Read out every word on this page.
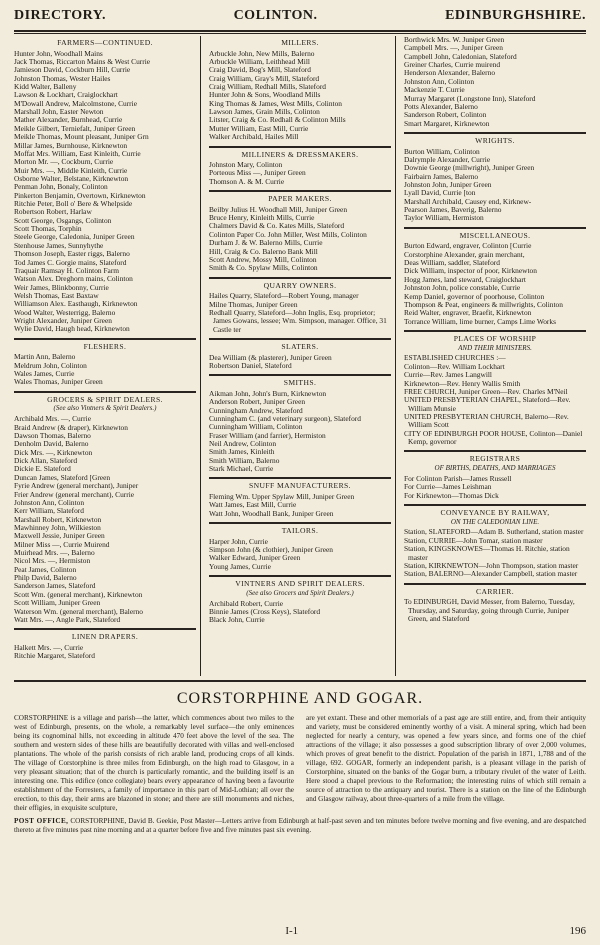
DIRECTORY.	COLINTON.	EDINBURGHSHIRE.
FARMERS—CONTINUED.
Hunter John, Woodhall Mains
Jack Thomas, Riccarton Mains & West Currie
Jamieson David, Cockburn Hill, Currie
Johnston Thomas, Wester Hailes
Kidd Walter, Balleny
Lawson & Lockhart, Craiglockhart
M'Dowall Andrew, Malcolmstone, Currie
Marshall John, Easter Newton
Mather Alexander, Burnhead, Currie
Meikle Gilbert, Terniefalt, Juniper Green
Meikle Thomas, Mount pleasant, Juniper Grn
Millar James, Burnhouse, Kirknewton
Moffat Mrs. William, East Kinleith, Currie
Morton Mr. —, Cockburn, Currie
Muir Mrs. —, Middle Kinleith, Currie
Osborne Walter, Belstane, Kirknewton
Penman John, Bonaly, Colinton
Pinkerton Benjamin, Overtown, Kirknewton
Ritchie Peter, Boll o' Bere & Whelpside
Robertson Robert, Harlaw
Scott George, Osgangs, Colinton
Scott Thomas, Torphin
Steele George, Caledonia, Juniper Green
Stenhouse James, Sunnyhythe
Thomson Joseph, Easter riggs, Balerno
Tod James C. Gorgie mains, Slateford
Traquair Ramsay H. Colinton Farm
Watson Alex. Dreghorn mains, Colinton
Weir James, Blinkbonny, Currie
Welsh Thomas, East Baxtaw
Williamson Alex. Easthaugh, Kirknewton
Wood Walter, Westerrigg, Balerno
Wright Alexander, Juniper Green
Wylie David, Haugh head, Kirknewton
FLESHERS.
Martin Ann, Balerno
Meldrum John, Colinton
Wales James, Currie
Wales Thomas, Juniper Green
GROCERS & SPIRIT DEALERS.
(See also Vintners & Spirit Dealers.)
Archibald Mrs. —, Currie
Braid Andrew (& draper), Kirknewton
Dawson Thomas, Balerno
Denholm David, Balerno
Dick Mrs. —, Kirknewton
Dick Allan, Slateford
Dickie E. Slateford
Duncan James, Slateford [Green
Fyrie Andrew (general merchant), Juniper
Frier Andrew (general merchant), Currie
Johnston Ann, Colinton
Kerr William, Slateford
Marshall Robert, Kirknewton
Mawhinney John, Wilkieston
Maxwell Jessie, Juniper Green
Milner Miss —, Currie Muirend
Muirhead Mrs. —, Balerno
Nicol Mrs. —, Hermiston
Peat James, Colinton
Philp David, Balerno
Sanderson James, Slateford
Scott Wm. (general merchant), Kirknewton
Scott William, Juniper Green
Waterson Wm. (general merchant), Balerno
Watt Mrs. —, Angle Park, Slateford
LINEN DRAPERS.
Halkett Mrs. —, Currie
Ritchie Margaret, Slateford
MILLERS.
Arbuckle John, New Mills, Balerno
Arbuckle William, Leithhead Mill
Craig David, Bog's Mill, Slateford
Craig William, Gray's Mill, Slateford
Craig William, Redhall Mills, Slateford
Hunter John & Sons, Woodland Mills
King Thomas & James, West Mills, Colinton
Lawson James, Grain Mills, Colinton
Litster, Craig & Co. Redhall & Colinton Mills
Mutter William, East Mill, Currie
Walker Archibald, Hailes Mill
MILLINERS & DRESSMAKERS.
Johnston Mary, Colinton
Porteous Miss —, Juniper Green
Thomson A. & M. Currie
PAPER MAKERS.
Beilby Julius H. Woodhall Mill, Juniper Green
Bruce Henry, Kinleith Mills, Currie
Chalmers David & Co. Kates Mills, Slateford
Colinton Paper Co. John Miller, West Mills, Colinton
Durham J. & W. Balerno Mills, Currie
Hill, Craig & Co. Balerno Bank Mill
Scott Andrew, Mossy Mill, Colinton
Smith & Co. Spylaw Mills, Colinton
QUARRY OWNERS.
Hailes Quarry, Slateford—Robert Young, manager
Milne Thomas, Juniper Green
Redhall Quarry, Slateford—John Inglis, Esq. proprietor; James Gowans, lessee; Wm. Simpson, manager. Office, 31 Castle ter
SLATERS.
Dea William (& plasterer), Juniper Green
Robertson Daniel, Slateford
SMITHS.
Aikman John, John's Burn, Kirknewton
Anderson Robert, Juniper Green
Cunningham Andrew, Slateford
Cunningham C. (and veterinary surgeon), Slateford
Cunningham William, Colinton
Fraser William (and farrier), Hermiston
Neil Andrew, Colinton
Smith James, Kinleith
Smith William, Balerno
Stark Michael, Currie
SNUFF MANUFACTURERS.
Fleming Wm. Upper Spylaw Mill, Juniper Green
Watt James, East Mill, Currie
Watt John, Woodhall Bank, Juniper Green
TAILORS.
Harper John, Currie
Simpson John (& clothier), Juniper Green
Walker Edward, Juniper Green
Young James, Currie
VINTNERS AND SPIRIT DEALERS.
(See also Grocers and Spirit Dealers.)
Archibald Robert, Currie
Binnie James (Cross Keys), Slateford
Black John, Currie
Borthwick Mrs. W. Juniper Green
Campbell Mrs. —, Juniper Green
Campbell John, Caledonian, Slateford
Greiner Charles, Currie muirend
Henderson Alexander, Balerno
Johnston Ann, Colinton
Mackenzie T. Currie
Murray Margaret (Longstone Inn), Slateford
Potts Alexander, Balerno
Sanderson Robert, Colinton
Smart Margaret, Kirknewton
WRIGHTS.
Burton William, Colinton
Dalrymple Alexander, Currie
Downie George (millwright), Juniper Green
Fairbairn James, Balerno
Johnston John, Juniper Green
Lyall David, Currie [ton
Marshall Archibald, Causey end, Kirknew-
Pearson James, Baverig, Balerno
Taylor William, Hermiston
MISCELLANEOUS.
Burton Edward, engraver, Colinton [Currie
Corstorphine Alexander, grain merchant,
Deas William, saddler, Slateford
Dick William, inspector of poor, Kirknewton
Hogg James, land steward, Craiglockhart
Johnston John, police constable, Currie
Kemp Daniel, governor of poorhouse, Colinton
Thompson & Peat, engineers & millwrights, Colinton
Reid Walter, engraver, Braefit, Kirknewton
Torrance William, lime burner, Camps Lime Works
PLACES OF WORSHIP
AND THEIR MINISTERS.
ESTABLISHED CHURCHES :—
Colinton—Rev. William Lockhart
Currie—Rev. James Langwill
Kirknewton—Rev. Henry Wallis Smith
FREE CHURCH, Juniper Green—Rev. Charles M'Neil
UNITED PRESBYTERIAN CHAPEL, Slateford—Rev. William Munsie
UNITED PRESBYTERIAN CHURCH, Balerno—Rev. William Scott
CITY OF EDINBURGH POOR HOUSE, Colinton—Daniel Kemp, governor
REGISTRARS
OF BIRTHS, DEATHS, AND MARRIAGES
For Colinton Parish—James Russell
For Currie—James Leishman
For Kirknewton—Thomas Dick
CONVEYANCE BY RAILWAY,
ON THE CALEDONIAN LINE.
Station, SLATEFORD—Adam B. Sutherland, station master
Station, CURRIE—John Tomar, station master
Station, KINGSKNOWES—Thomas H. Ritchie, station master
Station, KIRKNEWTON—John Thompson, station master
Station, BALERNO—Alexander Campbell, station master
CARRIER.
To EDINBURGH, David Messer, from Balerno, Tuesday, Thursday, and Saturday, going through Currie, Juniper Green, and Slateford
CORSTORPHINE AND GOGAR.
CORSTORPHINE is a village and parish—the latter, which commences about two miles to the west of Edinburgh, presents, on the whole, a remarkably level surface—the only eminences being its cognominal hills, not exceeding in altitude 470 feet above the level of the sea. The southern and western sides of these hills are beautifully decorated with villas and well-enclosed plantations. The whole of the parish consists of rich arable land, producing crops of all kinds. The village of Corstorphine is three miles from Edinburgh, on the high road to Glasgow, in a very pleasant situation; that of the church is particularly romantic, and the building itself is an interesting one. This edifice (once collegiate) bears every appearance of having been a favourite establishment of the Forresters, a family of importance in this part of Mid-Lothian; all over the erection, to this day, their arms are blazoned in stone; and there are still monuments and niches, their effigies, in exquisite sculpture,
are yet extant. These and other memorials of a past age are still entire, and, from their antiquity and variety, must be considered eminently worthy of a visit. A mineral spring, which had been neglected for nearly a century, was opened a few years since, and forms one of the chief attractions of the village; it also possesses a good subscription library of over 2,000 volumes, which proves of great benefit to the district. Population of the parish in 1871, 1,788 and of the village, 692. GOGAR, formerly an independent parish, is a pleasant village in the parish of Corstorphine, situated on the banks of the Gogar burn, a tributary rivulet of the water of Leith. Here stood a chapel previous to the Reformation; the interesting ruins of which still remain a source of attraction to the antiquary and tourist. There is a station on the line of the Edinburgh and Glasgow railway, about three-quarters of a mile from the village.
POST OFFICE, CORSTORPHINE, David B. Geekie, Post Master—Letters arrive from Edinburgh at half-past seven and ten minutes before twelve morning and five evening, and are despatched thereto at five minutes past nine morning and at a quarter before five and five minutes past six evening.
I-1	196
